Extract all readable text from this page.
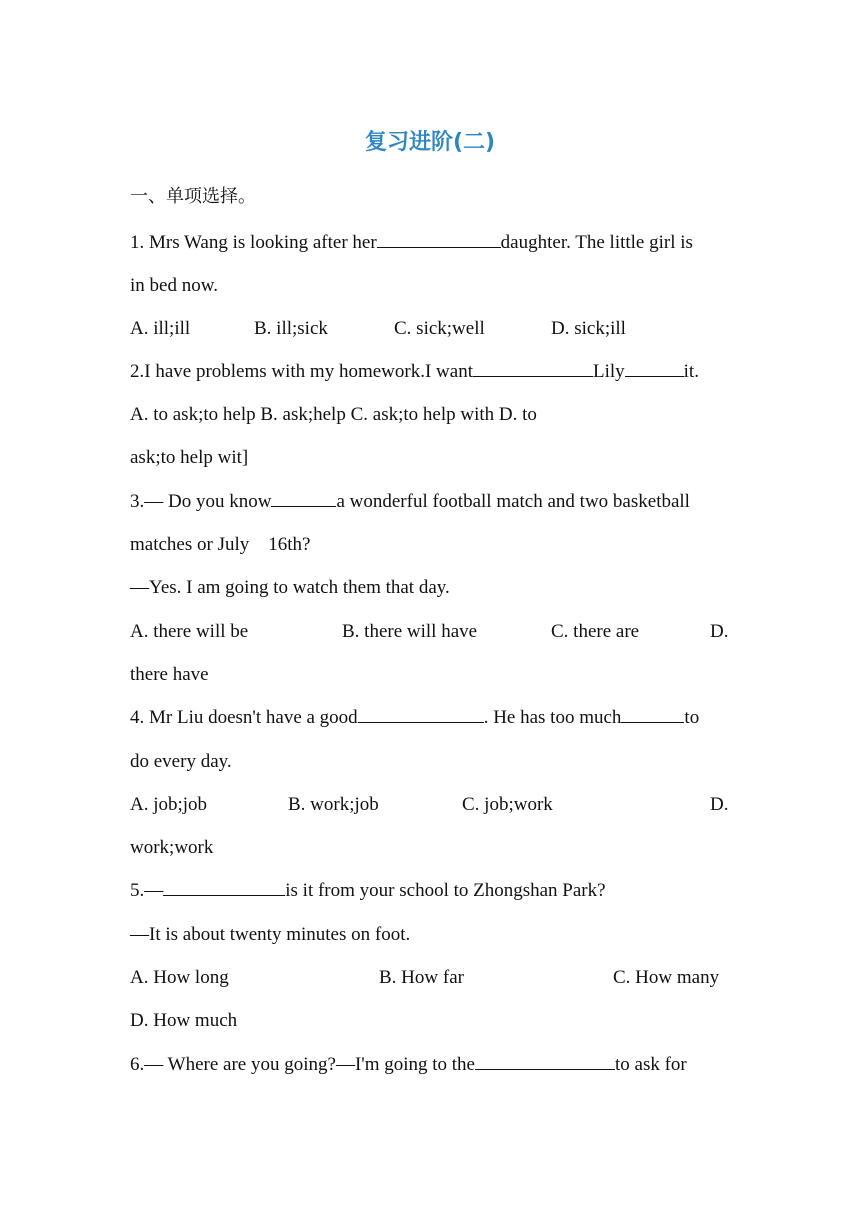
复习进阶(二)
一、单项选择。
1. Mrs Wang is looking after her	daughter. The little girl is
in bed now.
A. ill;ill	B. ill;sick	C. sick;well	D. sick;ill
2.I have problems with my homework.I want	Lily	it.
A. to ask;to help B. ask;help C. ask;to help with D. to
ask;to help wit]
3.— Do you know	a wonderful football match and two basketball
matches or July    16th?
—Yes. I am going to watch them that day.
A. there will be	B. there will have	C. there are	D.
there have
4. Mr Liu doesn't have a good	. He has too much	to
do every day.
A. job;job	B. work;job	C. job;work	D.
work;work
5.—	is it from your school to Zhongshan Park?
—It is about twenty minutes on foot.
A. How long	B. How far	C. How many
D. How much
6.— Where are you going?—I'm going to the	to ask for
